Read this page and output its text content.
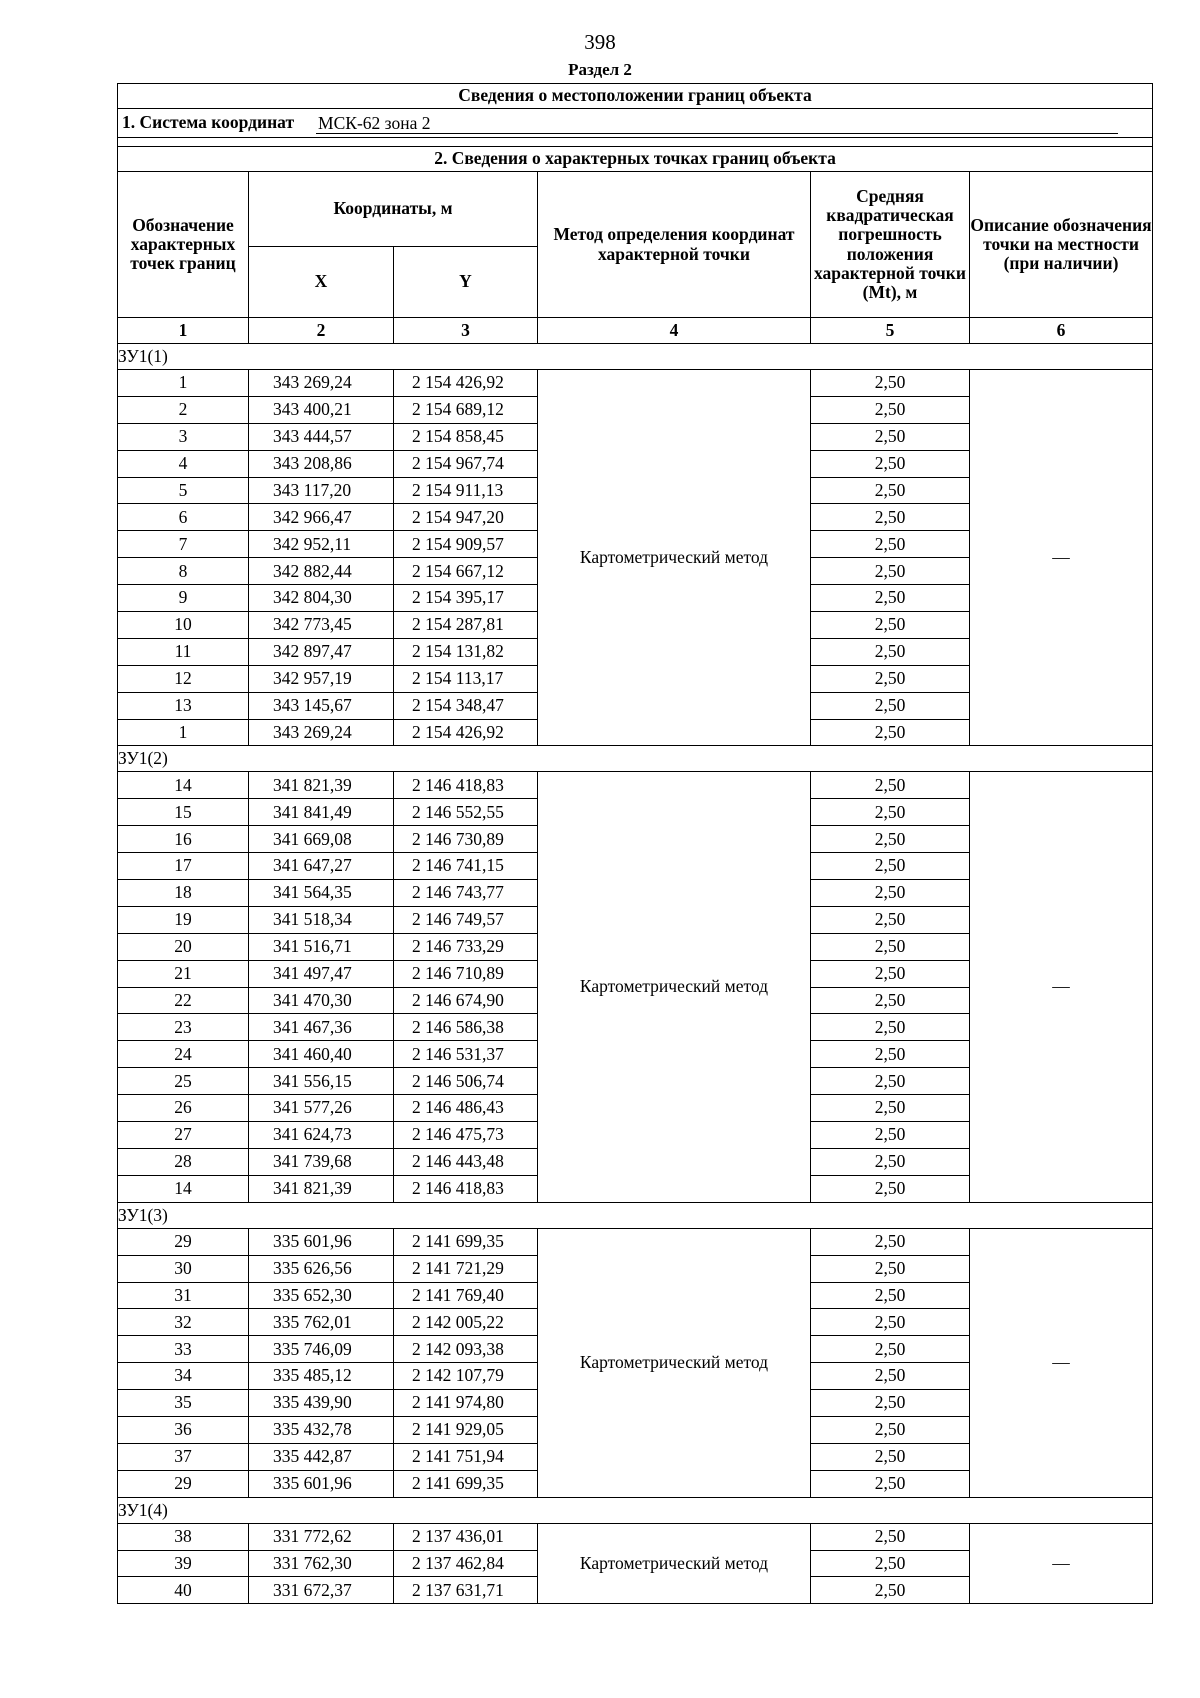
398
Раздел 2
Сведения о местоположении границ объекта					

1. Система координат МСК-62 зона 2					

2. Сведения о характерных точках границ объекта					
Обозначение характерных точек границ	Координаты, м		Метод определения координат характерной точки	Средняя квадратическая погрешность положения характерной точки (Mt), м	Описание обозначения точки на местности (при наличии)
	X	Y			
1	2	3	4	5	6
ЗУ1(1)					
1	343 269,24	2 154 426,92	Картометрический метод	2,50	—
2	343 400,21	2 154 689,12		2,50	
3	343 444,57	2 154 858,45		2,50	
4	343 208,86	2 154 967,74		2,50	
5	343 117,20	2 154 911,13		2,50	
6	342 966,47	2 154 947,20		2,50	
7	342 952,11	2 154 909,57		2,50	
8	342 882,44	2 154 667,12		2,50	
9	342 804,30	2 154 395,17		2,50	
10	342 773,45	2 154 287,81		2,50	
11	342 897,47	2 154 131,82		2,50	
12	342 957,19	2 154 113,17		2,50	
13	343 145,67	2 154 348,47		2,50	
1	343 269,24	2 154 426,92		2,50	
ЗУ1(2)					
14	341 821,39	2 146 418,83	Картометрический метод	2,50	—
15	341 841,49	2 146 552,55		2,50	
16	341 669,08	2 146 730,89		2,50	
17	341 647,27	2 146 741,15		2,50	
18	341 564,35	2 146 743,77		2,50	
19	341 518,34	2 146 749,57		2,50	
20	341 516,71	2 146 733,29		2,50	
21	341 497,47	2 146 710,89		2,50	
22	341 470,30	2 146 674,90		2,50	
23	341 467,36	2 146 586,38		2,50	
24	341 460,40	2 146 531,37		2,50	
25	341 556,15	2 146 506,74		2,50	
26	341 577,26	2 146 486,43		2,50	
27	341 624,73	2 146 475,73		2,50	
28	341 739,68	2 146 443,48		2,50	
14	341 821,39	2 146 418,83		2,50	
ЗУ1(3)					
29	335 601,96	2 141 699,35	Картометрический метод	2,50	—
30	335 626,56	2 141 721,29		2,50	
31	335 652,30	2 141 769,40		2,50	
32	335 762,01	2 142 005,22		2,50	
33	335 746,09	2 142 093,38		2,50	
34	335 485,12	2 142 107,79		2,50	
35	335 439,90	2 141 974,80		2,50	
36	335 432,78	2 141 929,05		2,50	
37	335 442,87	2 141 751,94		2,50	
29	335 601,96	2 141 699,35		2,50	
ЗУ1(4)					
38	331 772,62	2 137 436,01	Картометрический метод	2,50	—
39	331 762,30	2 137 462,84		2,50	
40	331 672,37	2 137 631,71		2,50	
